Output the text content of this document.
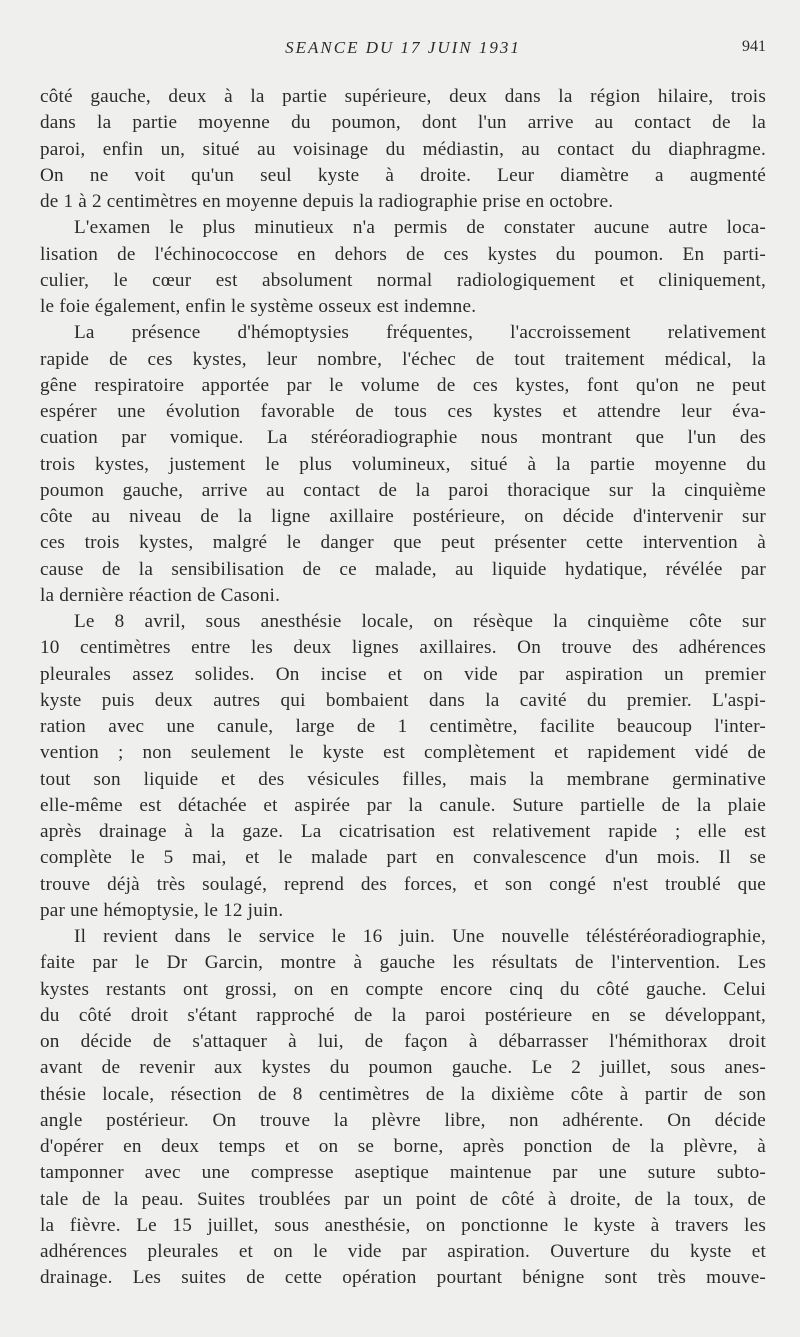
SEANCE DU 17 JUIN 1931	941
côté gauche, deux à la partie supérieure, deux dans la région hilaire, trois
dans la partie moyenne du poumon, dont l'un arrive au contact de la
paroi, enfin un, situé au voisinage du médiastin, au contact du diaphragme.
On ne voit qu'un seul kyste à droite. Leur diamètre a augmenté
de 1 à 2 centimètres en moyenne depuis la radiographie prise en octobre.
L'examen le plus minutieux n'a permis de constater aucune autre loca-
lisation de l'échinococcose en dehors de ces kystes du poumon. En parti-
culier, le cœur est absolument normal radiologiquement et cliniquement,
le foie également, enfin le système osseux est indemne.
La présence d'hémoptysies fréquentes, l'accroissement relativement
rapide de ces kystes, leur nombre, l'échec de tout traitement médical, la
gêne respiratoire apportée par le volume de ces kystes, font qu'on ne peut
espérer une évolution favorable de tous ces kystes et attendre leur éva-
cuation par vomique. La stéréoradiographie nous montrant que l'un des
trois kystes, justement le plus volumineux, situé à la partie moyenne du
poumon gauche, arrive au contact de la paroi thoracique sur la cinquième
côte au niveau de la ligne axillaire postérieure, on décide d'intervenir sur
ces trois kystes, malgré le danger que peut présenter cette intervention à
cause de la sensibilisation de ce malade, au liquide hydatique, révélée par
la dernière réaction de Casoni.
Le 8 avril, sous anesthésie locale, on résèque la cinquième côte sur
10 centimètres entre les deux lignes axillaires. On trouve des adhérences
pleurales assez solides. On incise et on vide par aspiration un premier
kyste puis deux autres qui bombaient dans la cavité du premier. L'aspi-
ration avec une canule, large de 1 centimètre, facilite beaucoup l'inter-
vention ; non seulement le kyste est complètement et rapidement vidé de
tout son liquide et des vésicules filles, mais la membrane germinative
elle-même est détachée et aspirée par la canule. Suture partielle de la plaie
après drainage à la gaze. La cicatrisation est relativement rapide ; elle est
complète le 5 mai, et le malade part en convalescence d'un mois. Il se
trouve déjà très soulagé, reprend des forces, et son congé n'est troublé que
par une hémoptysie, le 12 juin.
Il revient dans le service le 16 juin. Une nouvelle téléstéréoradiographie,
faite par le Dr Garcin, montre à gauche les résultats de l'intervention. Les
kystes restants ont grossi, on en compte encore cinq du côté gauche. Celui
du côté droit s'étant rapproché de la paroi postérieure en se développant,
on décide de s'attaquer à lui, de façon à débarrasser l'hémithorax droit
avant de revenir aux kystes du poumon gauche. Le 2 juillet, sous anes-
thésie locale, résection de 8 centimètres de la dixième côte à partir de son
angle postérieur. On trouve la plèvre libre, non adhérente. On décide
d'opérer en deux temps et on se borne, après ponction de la plèvre, à
tamponner avec une compresse aseptique maintenue par une suture subto-
tale de la peau. Suites troublées par un point de côté à droite, de la toux, de
la fièvre. Le 15 juillet, sous anesthésie, on ponctionne le kyste à travers les
adhérences pleurales et on le vide par aspiration. Ouverture du kyste et
drainage. Les suites de cette opération pourtant bénigne sont très mouve-
